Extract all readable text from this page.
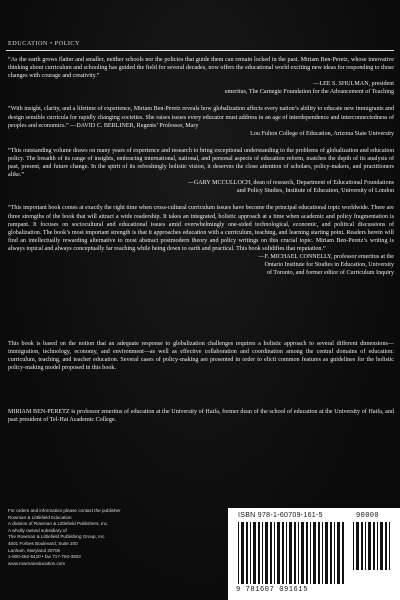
EDUCATION • POLICY
“As the earth grows flatter and smaller, neither schools nor the policies that guide them can remain locked in the past. Miriam Ben-Peretz, whose innovative thinking about curriculum and schooling has guided the field for several decades, now offers the educational world exciting new ideas for responding to those changes with courage and creativity.”
—LEE S. SHULMAN, president
emeritus, The Carnegie Foundation for the Advancement of Teaching
“With insight, clarity, and a lifetime of experience, Miriam Ben-Peretz reveals how globalization affects every nation’s ability to educate new immigrants and design sensible curricula for rapidly changing societies. She raises issues every educator must address in an age of interdependence and interconnectedness of peoples and economics.” —DAVID C. BERLINER, Regents’ Professor, Mary
Lou Fulton College of Education, Arizona State University
“This outstanding volume draws on many years of experience and research to bring exceptional understanding to the problems of globalization and education policy. The breadth of its range of insights, embracing international, national, and personal aspects of education reform, matches the depth of its analysis of past, present, and future change. In the spirit of its refreshingly holistic vision, it deserves the close attention of scholars, policy-makers, and practitioners alike.”
—GARY MCCULLOCH, dean of research, Department of Educational Foundations
and Policy Studies, Institute of Education, University of London
“This important book comes at exactly the right time when cross-cultural curriculum issues have become the principal educational topic worldwide. There are three strengths of the book that will attract a wide readership. It takes an integrated, holistic approach at a time when academic and policy fragmentation is rampant. It focuses on sociocultural and educational issues amid overwhelmingly one-sided technological, economic, and political discussions of globalization. The book’s most important strength is that it approaches education with a curriculum, teaching, and learning starting point. Readers herein will find an intellectually rewarding alternative to most abstract postmodern theory and policy writings on this crucial topic. Miriam Ben-Peretz’s writing is always topical and always conceptually far reaching while being down to earth and practical. This book solidifies that reputation.”
—F. MICHAEL CONNELLY, professor emeritus at the
Ontario Institute for Studies in Education, University
of Toronto, and former editor of Curriculum Inquiry
This book is based on the notion that an adequate response to globalization challenges requires a holistic approach to several different dimensions—immigration, technology, economy, and environment—as well as effective collaboration and coordination among the central domains of education: curriculum, teaching, and teacher education. Several cases of policy-making are presented in order to elicit common features as guidelines for the holistic policy-making model proposed in this book.
MIRIAM BEN-PERETZ is professor emeritus of education at the University of Haifa, former dean of the school of education at the University of Haifa, and past president of Tel-Hai Academic College.
For orders and information please contact the publisher
Rowman & Littlefield Education
A division of Rowman & Littlefield Publishers, Inc.
A wholly owned subsidiary of
The Rowman & Littlefield Publishing Group, Inc.
4501 Forbes Boulevard, Suite 200
Lanham, Maryland 20706
1-800-462-6420 • fax 717-794-3803
www.rowmaneducation.com
ISBN 978-1-60709-161-5	90000
9 781607 091615
